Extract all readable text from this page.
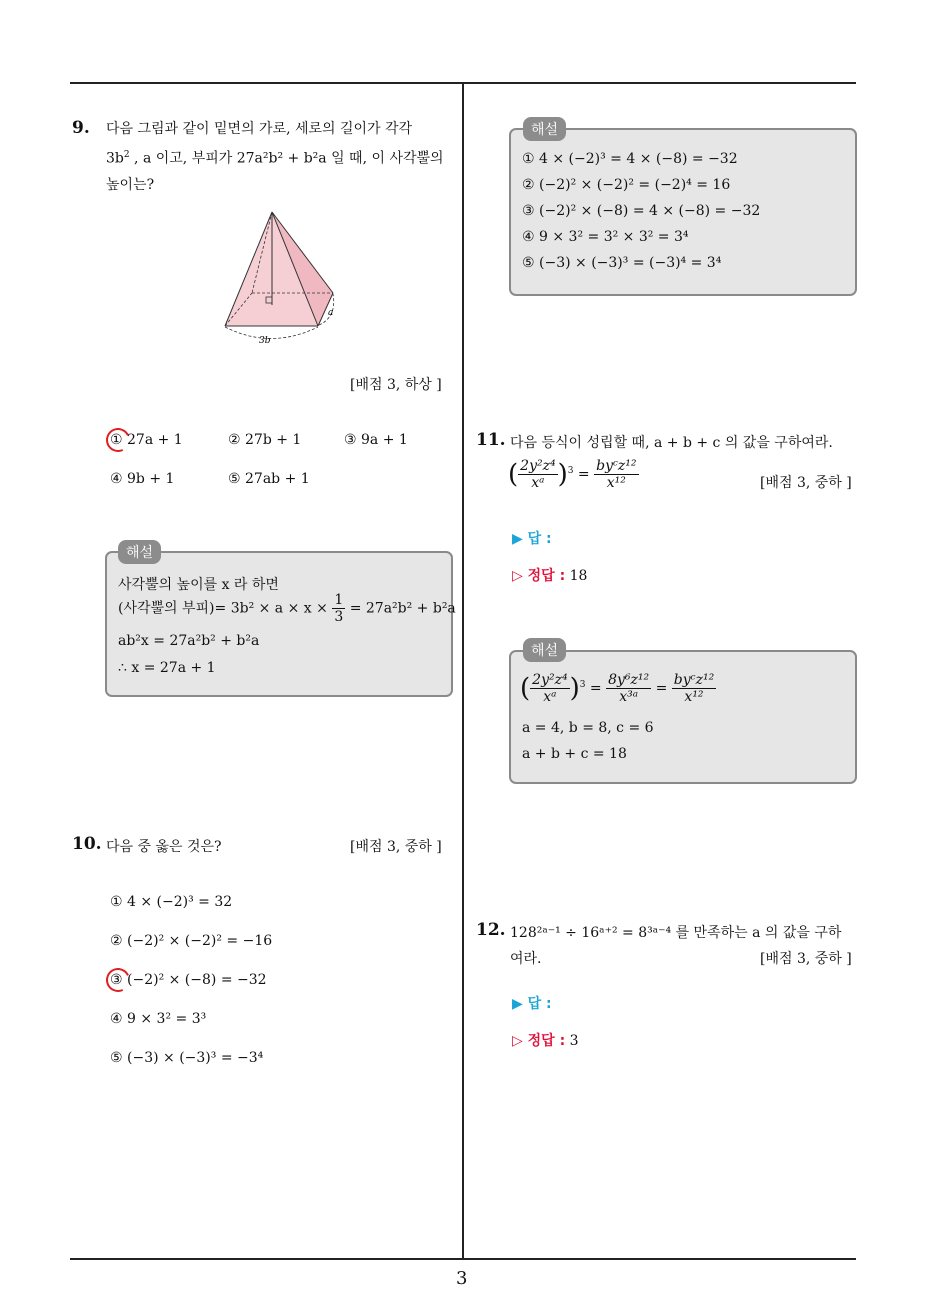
3
9. 다음 그림과 같이 밑면의 가로, 세로의 길이가 각각
$3b^2$ , a 이고, 부피가 27a²b² + b²a 일 때, 이 사각뿔의
높이는?
a
3b
[배점 3, 하상 ]
① 27a + 1	② 27b + 1	③ 9a + 1
④ 9b + 1	⑤ 27ab + 1
해설
사각뿔의 높이를 x 라 하면
(사각뿔의 부피)= $3b^2 \times a \times x \times \frac{1}{3} = 27a^2b^2 + b^2a$
ab²x = 27a²b² + b²a
∴ x = 27a + 1
10. 다음 중 옳은 것은?	[배점 3, 중하 ]
① 4 × (−2)³ = 32
② (−2)² × (−2)² = −16
③ (−2)² × (−8) = −32
④ 9 × 3² = 3³
⑤ (−3) × (−3)³ = −3⁴
해설
① 4 × (−2)³ = 4 × (−8) = −32
② (−2)² × (−2)² = (−2)⁴ = 16
③ (−2)² × (−8) = 4 × (−8) = −32
④ 9 × 3² = 3² × 3² = 3⁴
⑤ (−3) × (−3)³ = (−3)⁴ = 3⁴
11. 다음 등식이 성립할 때, a + b + c 의 값을 구하여라.
( $\frac{\text{2y²z⁴}}{\text{xᵃ}} )^3 = \frac{\text{byᶜz¹²}}{\text{x¹²}}$	[배점 3, 중하 ]
▶ 답 :
▷ 정답 : 18
해설
( $\frac{\text{2y²z⁴}}{\text{xᵃ}} )^3 = \frac{\text{8y⁶z¹²}}{\text{x³ᵃ}} = \frac{\text{byᶜz¹²}}{\text{x¹²}}$
a = 4, b = 8, c = 6
a + b + c = 18
12. 128²ᵃ⁻¹ ÷ 16ᵃ⁺² = 8³ᵃ⁻⁴ 를 만족하는 a 의 값을 구하
여라.	[배점 3, 중하 ]
▶ 답 :
▷ 정답 : 3
